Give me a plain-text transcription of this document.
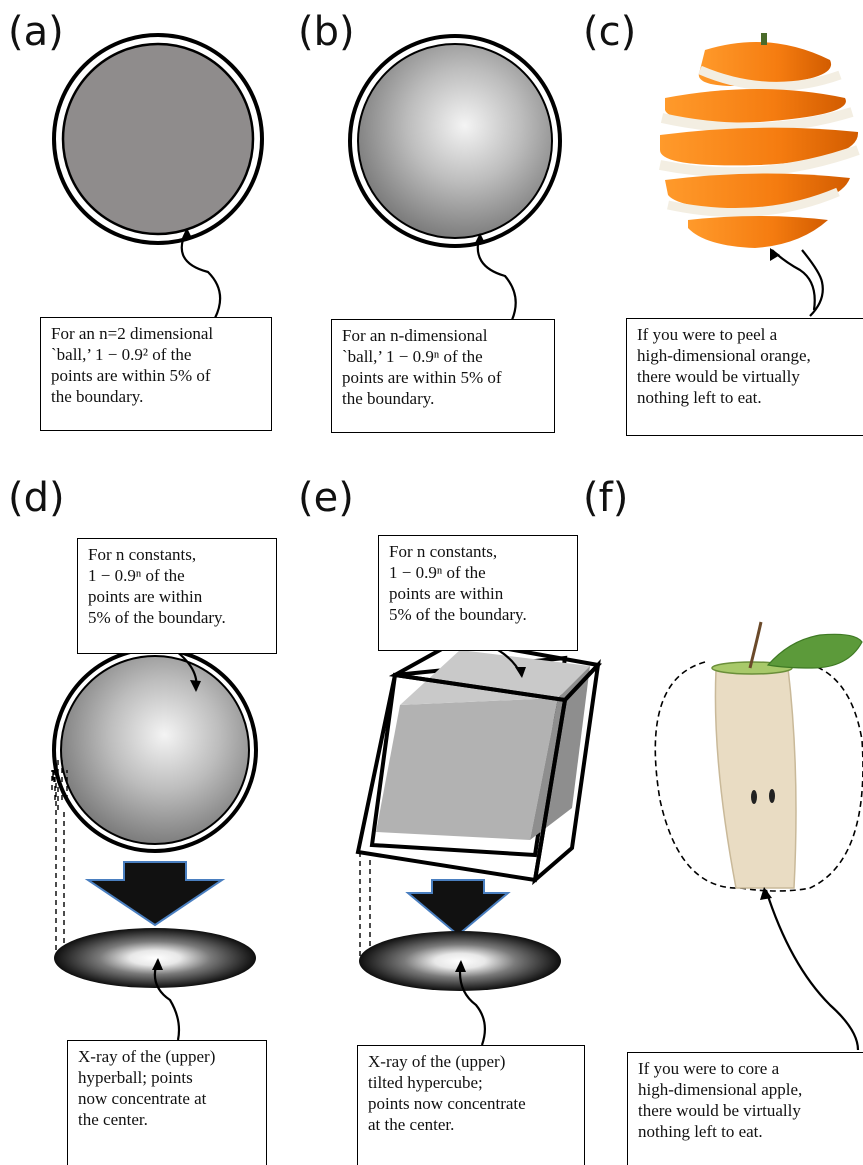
(a)	(b)	(c)
(d)	(e)	(f)
For an n=2 dimensional
`ball,’ 1 − 0.9² of the
points are within 5% of
the boundary.
For an n-dimensional
`ball,’ 1 − 0.9ⁿ of the
points are within 5% of
the boundary.
If you were to peel a
high-dimensional orange,
there would be virtually
nothing left to eat.
For n constants,
1 − 0.9ⁿ of the
points are within
5% of the boundary.
For n constants,
1 − 0.9ⁿ of the
points are within
5% of the boundary.
X-ray of the (upper)
hyperball; points
now concentrate at
the center.
X-ray of the (upper)
tilted hypercube;
points now concentrate
at the center.
If you were to core a
high-dimensional apple,
there would be virtually
nothing left to eat.
